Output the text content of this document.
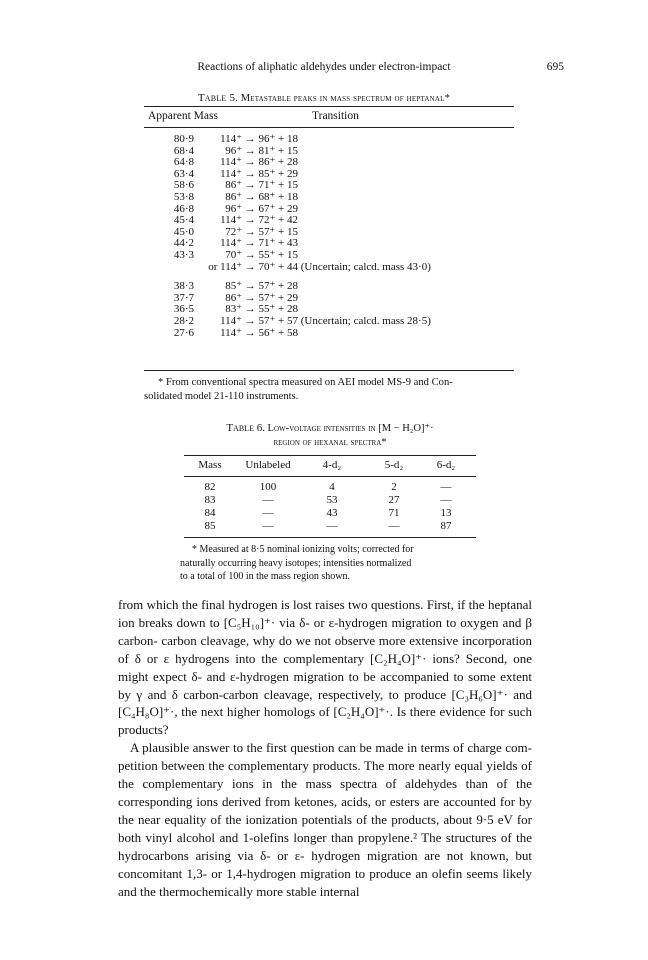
Reactions of aliphatic aldehydes under electron-impact	695
Table 5. Metastable peaks in mass spectrum of heptanal*
Apparent Mass	Transition
80·9	114⁺ → 96⁺ + 18
68·4	96⁺ → 81⁺ + 15
64·8	114⁺ → 86⁺ + 28
63·4	114⁺ → 85⁺ + 29
58·6	86⁺ → 71⁺ + 15
53·8	86⁺ → 68⁺ + 18
46·8	96⁺ → 67⁺ + 29
45·4	114⁺ → 72⁺ + 42
45·0	72⁺ → 57⁺ + 15
44·2	114⁺ → 71⁺ + 43
43·3	70⁺ → 55⁺ + 15
or 114⁺ → 70⁺ + 44 (Uncertain; calcd. mass 43·0)
38·3	85⁺ → 57⁺ + 28
37·7	86⁺ → 57⁺ + 29
36·5	83⁺ → 55⁺ + 28
28·2	114⁺ → 57⁺ + 57 (Uncertain; calcd. mass 28·5)
27·6	114⁺ → 56⁺ + 58
* From conventional spectra measured on AEI model MS-9 and Con-
solidated model 21-110 instruments.
Table 6. Low-voltage intensities in [M − H₂O]⁺·
region of hexanal spectra*
Mass	Unlabeled	4-d₂	5-d₂	6-d₂
82	100	4	2	—
83	—	53	27	—
84	—	43	71	13
85	—	—	—	87
* Measured at 8·5 nominal ionizing volts; corrected for
naturally occurring heavy isotopes; intensities normalized
to a total of 100 in the mass region shown.

from which the final hydrogen is lost raises two questions. First, if the heptanal ion breaks down to [C₅H₁₀]⁺· via δ- or ε-hydrogen migration to oxygen and β carbon- carbon cleavage, why do we not observe more extensive incorporation of δ or ε hydrogens into the complementary [C₂H₄O]⁺· ions? Second, one might expect δ- and ε-hydrogen migration to be accompanied to some extent by γ and δ carbon-carbon cleavage, respectively, to produce [C₃H₆O]⁺· and [C₄H₈O]⁺·, the next higher homologs of [C₂H₄O]⁺·. Is there evidence for such products?

A plausible answer to the first question can be made in terms of charge com- petition between the complementary products. The more nearly equal yields of the complementary ions in the mass spectra of aldehydes than of the corresponding ions derived from ketones, acids, or esters are accounted for by the near equality of the ionization potentials of the products, about 9·5 eV for both vinyl alcohol and 1-olefins longer than propylene.² The structures of the hydrocarbons arising via δ- or ε- hydrogen migration are not known, but concomitant 1,3- or 1,4-hydrogen migration to produce an olefin seems likely and the thermochemically more stable internal
